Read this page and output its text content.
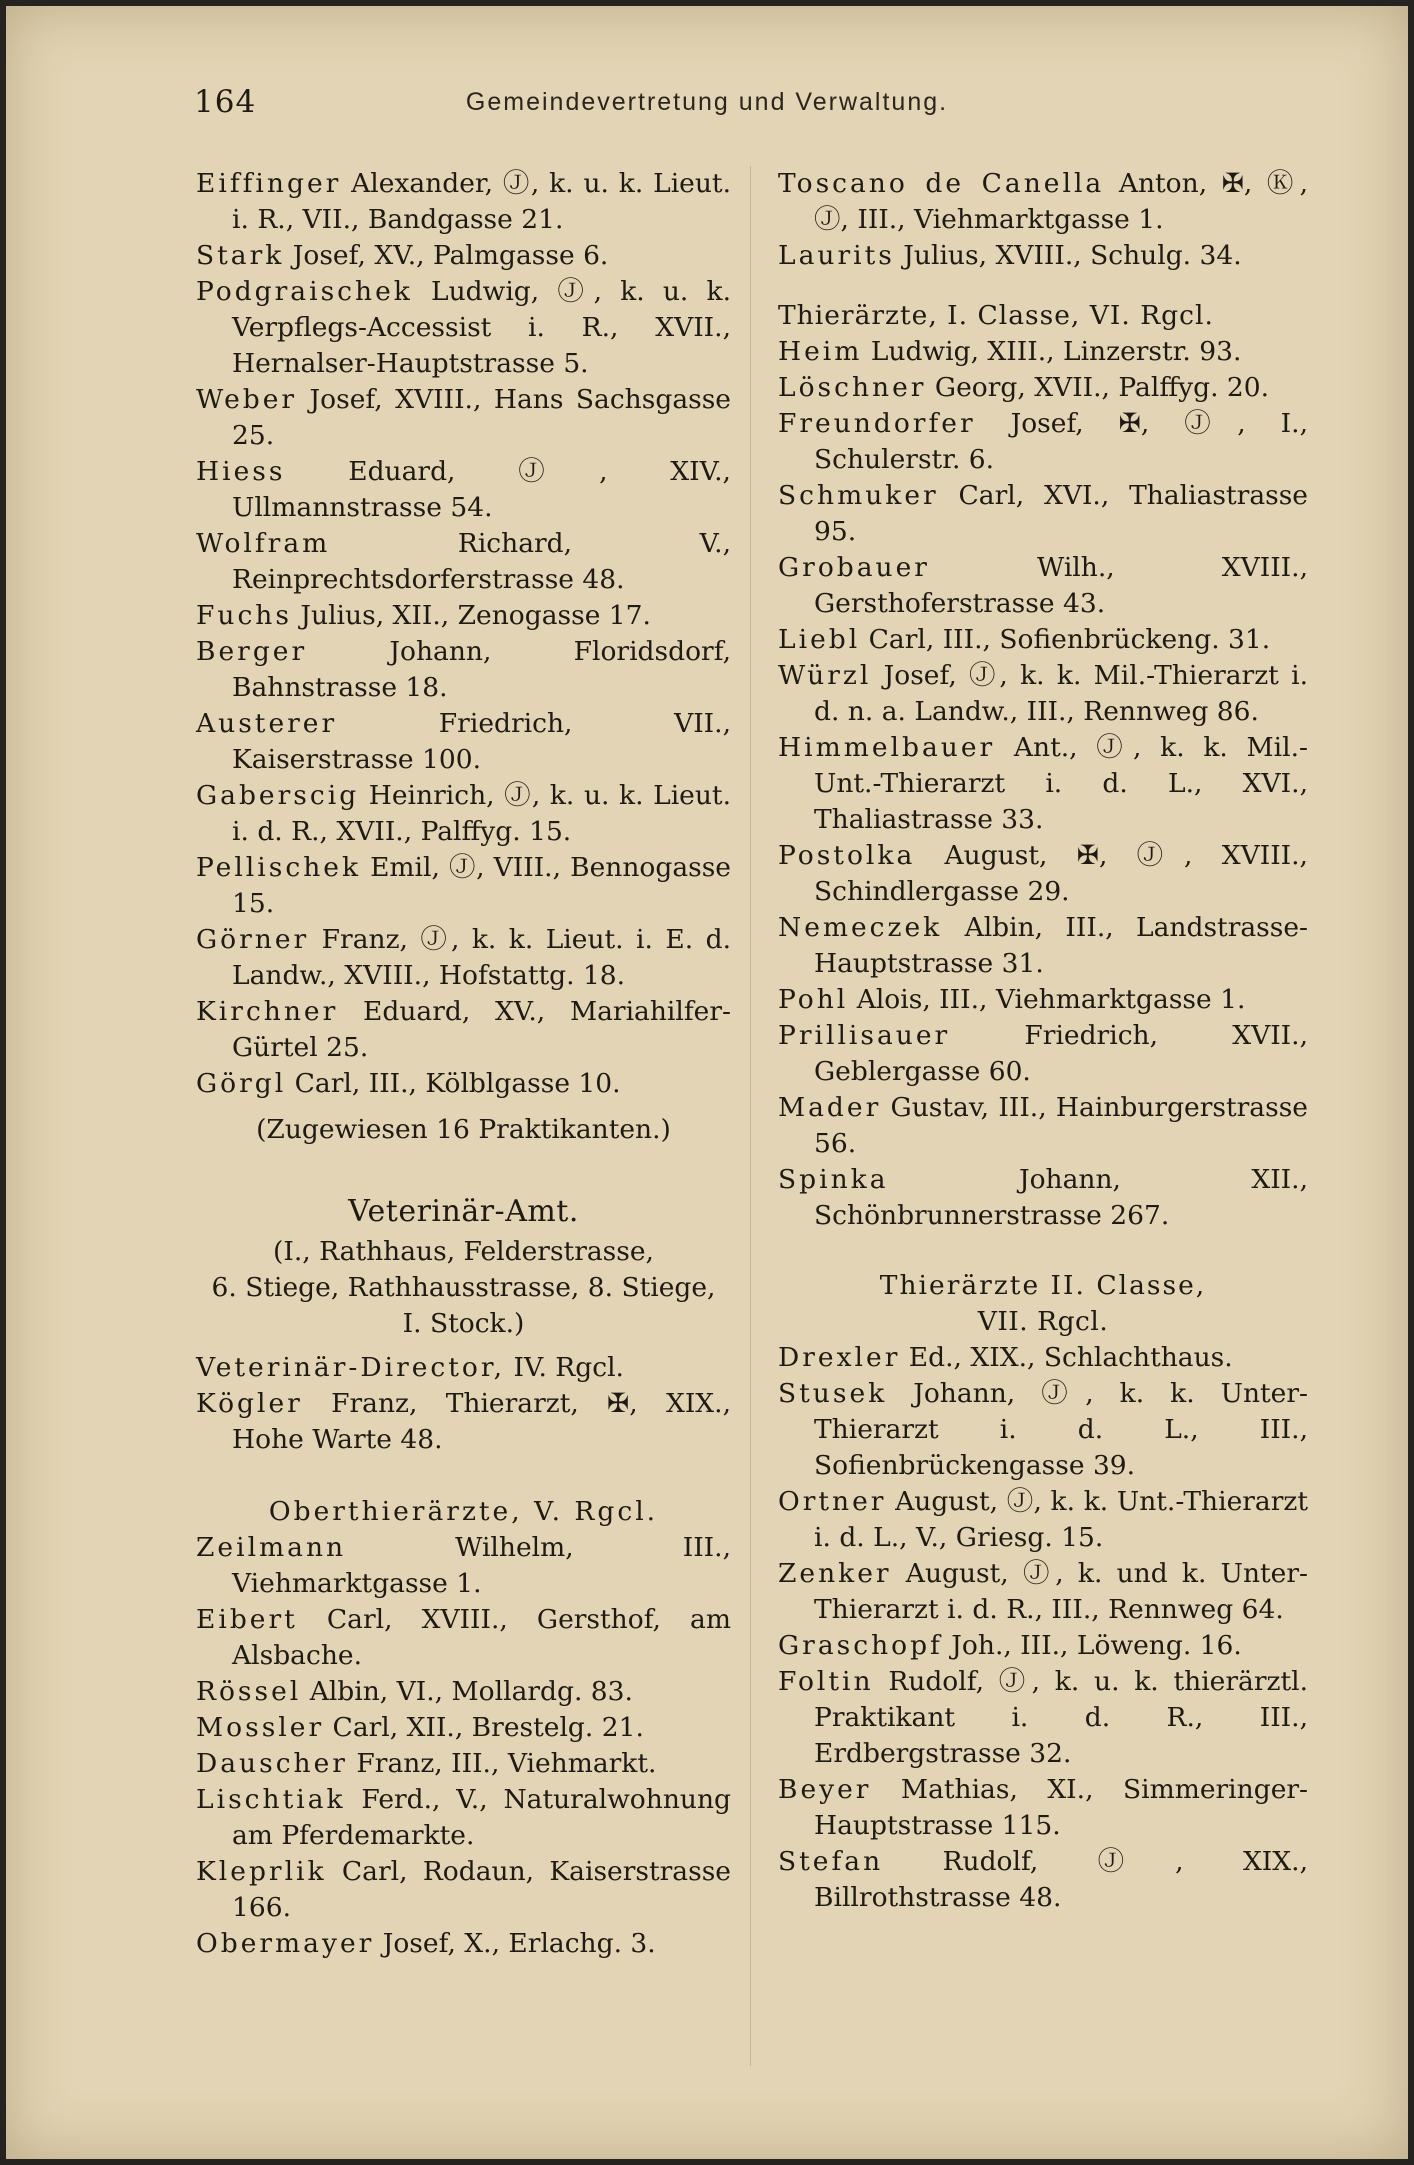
164	Gemeindevertretung und Verwaltung.
Eiffinger Alexander, Ⓙ, k. u. k. Lieut. i. R., VII., Bandgasse 21.
Stark Josef, XV., Palmgasse 6.
Podgraischek Ludwig, Ⓙ, k. u. k. Verpflegs-Accessist i. R., XVII., Hernalser-Hauptstrasse 5.
Weber Josef, XVIII., Hans Sachsgasse 25.
Hiess Eduard, Ⓙ, XIV., Ullmannstrasse 54.
Wolfram Richard, V., Reinprechtsdorferstrasse 48.
Fuchs Julius, XII., Zenogasse 17.
Berger Johann, Floridsdorf, Bahnstrasse 18.
Austerer Friedrich, VII., Kaiserstrasse 100.
Gaberscig Heinrich, Ⓙ, k. u. k. Lieut. i. d. R., XVII., Palffyg. 15.
Pellischek Emil, Ⓙ, VIII., Bennogasse 15.
Görner Franz, Ⓙ, k. k. Lieut. i. E. d. Landw., XVIII., Hofstattg. 18.
Kirchner Eduard, XV., Mariahilfer-Gürtel 25.
Görgl Carl, III., Kölblgasse 10.
(Zugewiesen 16 Praktikanten.)
Veterinär-Amt.
(I., Rathhaus, Felderstrasse,
6. Stiege, Rathhausstrasse, 8. Stiege,
I. Stock.)
Veterinär-Director, IV. Rgcl.
Kögler Franz, Thierarzt, ✠, XIX., Hohe Warte 48.
Oberthierärzte, V. Rgcl.
Zeilmann Wilhelm, III., Viehmarktgasse 1.
Eibert Carl, XVIII., Gersthof, am Alsbache.
Rössel Albin, VI., Mollardg. 83.
Mossler Carl, XII., Brestelg. 21.
Dauscher Franz, III., Viehmarkt.
Lischtiak Ferd., V., Naturalwohnung am Pferdemarkte.
Kleprlik Carl, Rodaun, Kaiserstrasse 166.
Obermayer Josef, X., Erlachg. 3.
Toscano de Canella Anton, ✠, Ⓚ, Ⓙ, III., Viehmarktgasse 1.
Laurits Julius, XVIII., Schulg. 34.
Thierärzte, I. Classe, VI. Rgcl.
Heim Ludwig, XIII., Linzerstr. 93.
Löschner Georg, XVII., Palffyg. 20.
Freundorfer Josef, ✠, Ⓙ, I., Schulerstr. 6.
Schmuker Carl, XVI., Thaliastrasse 95.
Grobauer Wilh., XVIII., Gersthoferstrasse 43.
Liebl Carl, III., Sofienbrückeng. 31.
Würzl Josef, Ⓙ, k. k. Mil.-Thierarzt i. d. n. a. Landw., III., Rennweg 86.
Himmelbauer Ant., Ⓙ, k. k. Mil.-Unt.-Thierarzt i. d. L., XVI., Thaliastrasse 33.
Postolka August, ✠, Ⓙ, XVIII., Schindlergasse 29.
Nemeczek Albin, III., Landstrasse-Hauptstrasse 31.
Pohl Alois, III., Viehmarktgasse 1.
Prillisauer Friedrich, XVII., Geblergasse 60.
Mader Gustav, III., Hainburgerstrasse 56.
Spinka Johann, XII., Schönbrunnerstrasse 267.
Thierärzte II. Classe,
VII. Rgcl.
Drexler Ed., XIX., Schlachthaus.
Stusek Johann, Ⓙ, k. k. Unter-Thierarzt i. d. L., III., Sofienbrückengasse 39.
Ortner August, Ⓙ, k. k. Unt.-Thierarzt i. d. L., V., Griesg. 15.
Zenker August, Ⓙ, k. und k. Unter-Thierarzt i. d. R., III., Rennweg 64.
Graschopf Joh., III., Löweng. 16.
Foltin Rudolf, Ⓙ, k. u. k. thierärztl. Praktikant i. d. R., III., Erdbergstrasse 32.
Beyer Mathias, XI., Simmeringer-Hauptstrasse 115.
Stefan Rudolf, Ⓙ, XIX., Billrothstrasse 48.
